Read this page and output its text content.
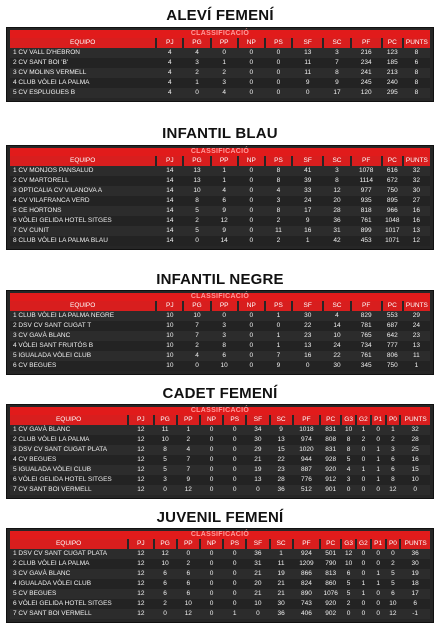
ALEVÍ FEMENÍ
CLASSIFICACIÓ
EQUIPO	PJ	PG	PP	NP	PS	SF	SC	PF	PC	PUNTS
1 CV VALL D'HEBRON	4	4	0	0	0	13	3	216	123	8
2 CV SANT BOI 'B'	4	3	1	0	0	11	7	234	185	6
3 CV MOLINS VERMELL	4	2	2	0	0	11	8	241	213	8
4 CLUB VÒLEI LA PALMA	4	1	3	0	0	9	9	245	240	8
5 CV ESPLUGUES B	4	0	4	0	0	0	17	120	295	8
INFANTIL BLAU
CLASSIFICACIÓ
EQUIPO	PJ	PG	PP	NP	PS	SF	SC	PF	PC	PUNTS
1 CV MONJOS PANSALUD	14	13	1	0	8	41	3	1078	616	32
2 CV MARTORELL	14	13	1	0	8	39	8	1114	672	32
3 OPTICALIA CV VILANOVA A	14	10	4	0	4	33	12	977	750	30
4 CV VILAFRANCA VERD	14	8	6	0	3	24	20	935	895	27
5 CE HORTONS	14	5	9	0	8	17	28	818	966	16
6 VÒLEI GELIDA HOTEL SITGES	14	2	12	0	2	9	36	761	1048	16
7 CV CUNIT	14	5	9	0	11	16	31	899	1017	13
8 CLUB VÒLEI LA PALMA BLAU	14	0	14	0	2	1	42	453	1071	12
INFANTIL NEGRE
CLASSIFICACIÓ
EQUIPO	PJ	PG	PP	NP	PS	SF	SC	PF	PC	PUNTS
1 CLUB VÒLEI LA PALMA NEGRE	10	10	0	0	1	30	4	829	553	29
2 DSV CV SANT CUGAT T	10	7	3	0	0	22	14	781	687	24
3 CV GAVÀ BLANC	10	7	3	0	1	23	10	765	642	23
4 VÒLEI SANT FRUITÓS B	10	2	8	0	1	13	24	734	777	13
5 IGUALADA VÒLEI CLUB	10	4	6	0	7	16	22	761	806	11
6 CV BEGUES	10	0	10	0	9	0	30	345	750	1
CADET FEMENÍ
CLASSIFICACIÓ
EQUIPO	PJ	PG	PP	NP	PS	SF	SC	PF	PC	G3	G2	P1	P0	PUNTS
1 CV GAVÀ BLANC	12	11	1	0	0	34	9	1018	831	10	1	0	1	32
2 CLUB VÒLEI LA PALMA	12	10	2	0	0	30	13	974	808	8	2	0	2	28
3 DSV CV SANT CUGAT PLATA	12	8	4	0	0	29	15	1020	831	8	0	1	3	25
4 CV BEGUES	12	5	7	0	0	21	22	944	928	5	0	1	6	16
5 IGUALADA VÒLEI CLUB	12	5	7	0	0	19	23	887	920	4	1	1	6	15
6 VÒLEI GELIDA HOTEL SITGES	12	3	9	0	0	13	28	776	912	3	0	1	8	10
7 CV SANT BOI VERMELL	12	0	12	0	0	0	36	512	901	0	0	0	12	0
JUVENIL FEMENÍ
CLASSIFICACIÓ
EQUIPO	PJ	PG	PP	NP	PS	SF	SC	PF	PC	G3	G2	P1	P0	PUNTS
1 DSV CV SANT CUGAT PLATA	12	12	0	0	0	36	1	924	501	12	0	0	0	36
2 CLUB VÒLEI LA PALMA	12	10	2	0	0	31	11	1209	790	10	0	0	2	30
3 CV GAVÀ BLANC	12	6	6	0	0	21	19	866	813	6	0	1	5	19
4 IGUALADA VÒLEI CLUB	12	6	6	0	0	20	21	824	860	5	1	1	5	18
5 CV BEGUES	12	6	6	0	0	21	21	890	1076	5	1	0	6	17
6 VÒLEI GELIDA HOTEL SITGES	12	2	10	0	0	10	30	743	920	2	0	0	10	6
7 CV SANT BOI VERMELL	12	0	12	0	1	0	36	406	902	0	0	0	12	-1
